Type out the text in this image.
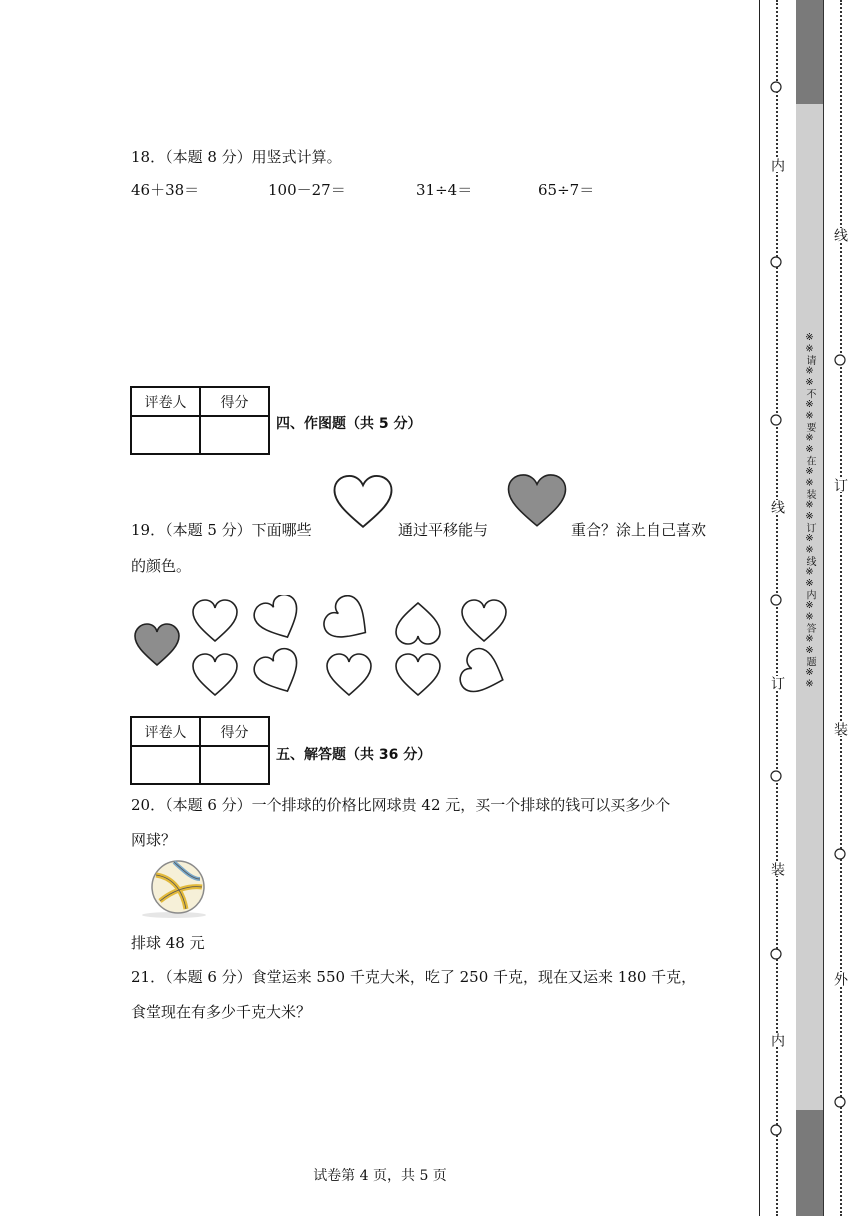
18．（本题 8 分）用竖式计算。
46＋38＝	100－27＝	31÷4＝	65÷7＝
评卷人	得分

四、作图题（共 5 分）
19．（本题 5 分）下面哪些	通过平移能与	重合？涂上自己喜欢
的颜色。
评卷人	得分

五、解答题（共 36 分）
20．（本题 6 分）一个排球的价格比网球贵 42 元，买一个排球的钱可以买多少个
网球？
排球 48 元
21．（本题 6 分）食堂运来 550 千克大米，吃了 250 千克，现在又运来 180 千克，
食堂现在有多少千克大米？
试卷第 4 页，共 5 页
内
线
订
装
内
线
订
装
外
※※请※※不※※要※※在※※装※※订※※线※※内※※答※※题※※
